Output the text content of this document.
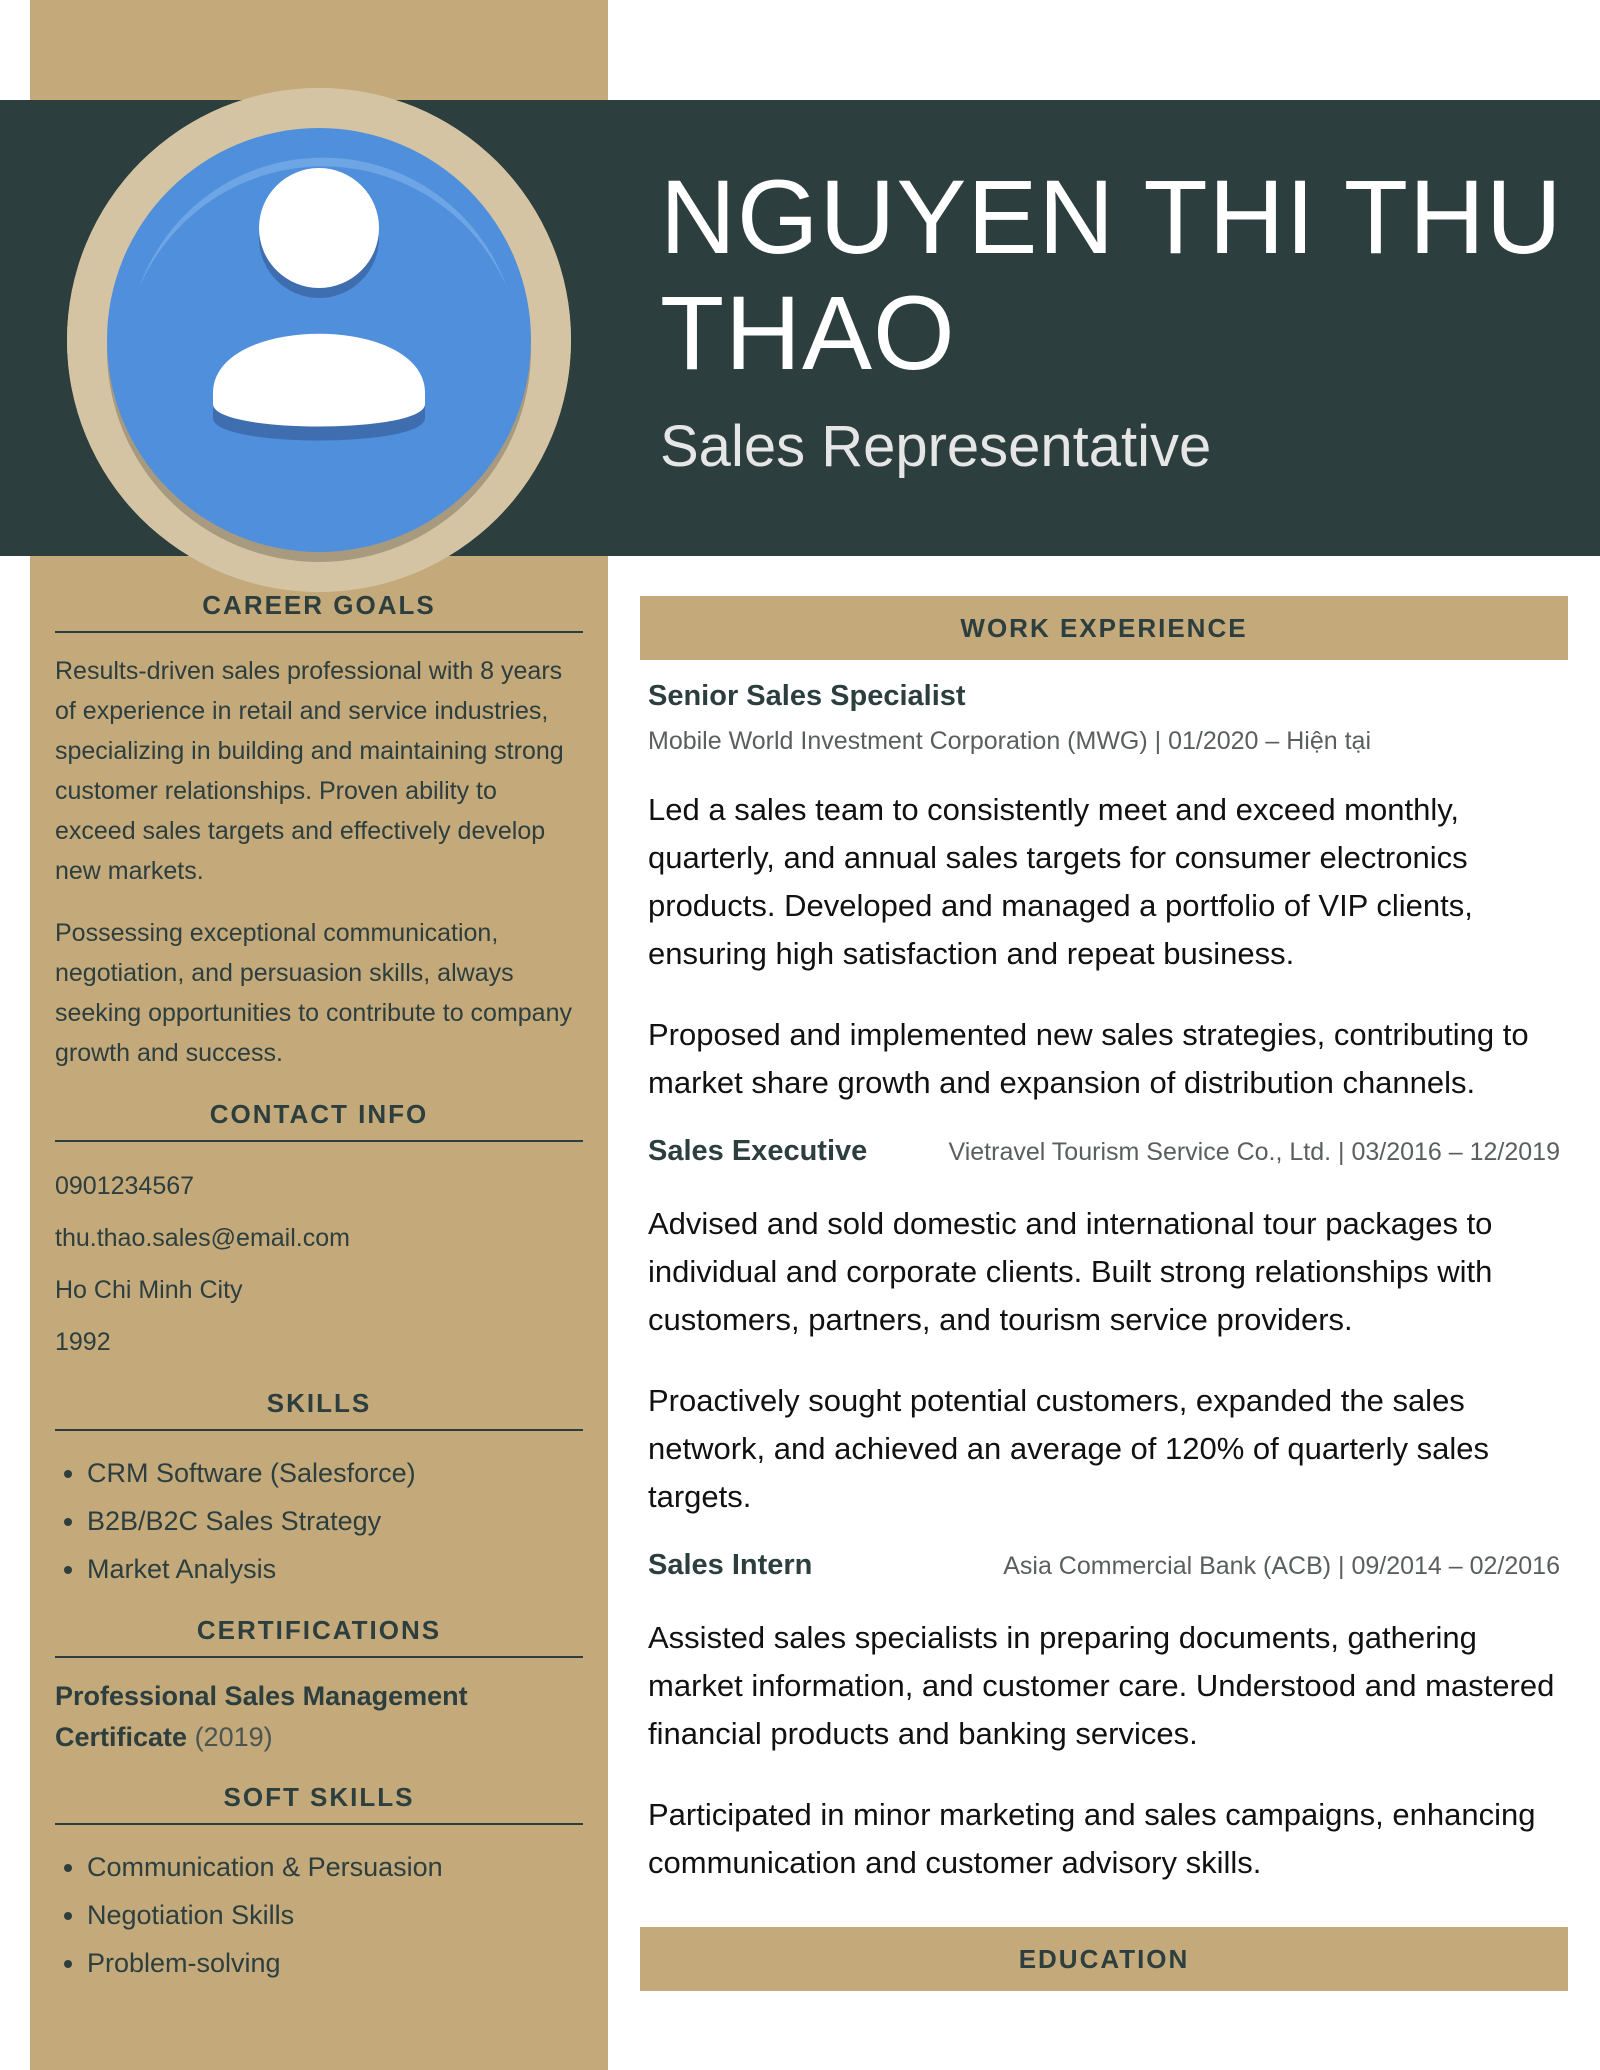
NGUYEN THI THU THAO
Sales Representative
CAREER GOALS

Results-driven sales professional with 8 years of experience in retail and service industries, specializing in building and maintaining strong customer relationships. Proven ability to exceed sales targets and effectively develop new markets.

Possessing exceptional communication, negotiation, and persuasion skills, always seeking opportunities to contribute to company growth and success.

CONTACT INFO
0901234567
thu.thao.sales@email.com
Ho Chi Minh City
1992
SKILLS
• CRM Software (Salesforce)
• B2B/B2C Sales Strategy
• Market Analysis
CERTIFICATIONS

Professional Sales Management Certificate (2019)

SOFT SKILLS
• Communication & Persuasion
• Negotiation Skills
• Problem-solving
WORK EXPERIENCE
Senior Sales Specialist
Mobile World Investment Corporation (MWG) | 01/2020 – Hiện tại

Led a sales team to consistently meet and exceed monthly, quarterly, and annual sales targets for consumer electronics products. Developed and managed a portfolio of VIP clients, ensuring high satisfaction and repeat business.

Proposed and implemented new sales strategies, contributing to market share growth and expansion of distribution channels.

Sales Executive	Vietravel Tourism Service Co., Ltd. | 03/2016 – 12/2019

Advised and sold domestic and international tour packages to individual and corporate clients. Built strong relationships with customers, partners, and tourism service providers.

Proactively sought potential customers, expanded the sales network, and achieved an average of 120% of quarterly sales targets.

Sales Intern	Asia Commercial Bank (ACB) | 09/2014 – 02/2016

Assisted sales specialists in preparing documents, gathering market information, and customer care. Understood and mastered financial products and banking services.

Participated in minor marketing and sales campaigns, enhancing communication and customer advisory skills.

EDUCATION
